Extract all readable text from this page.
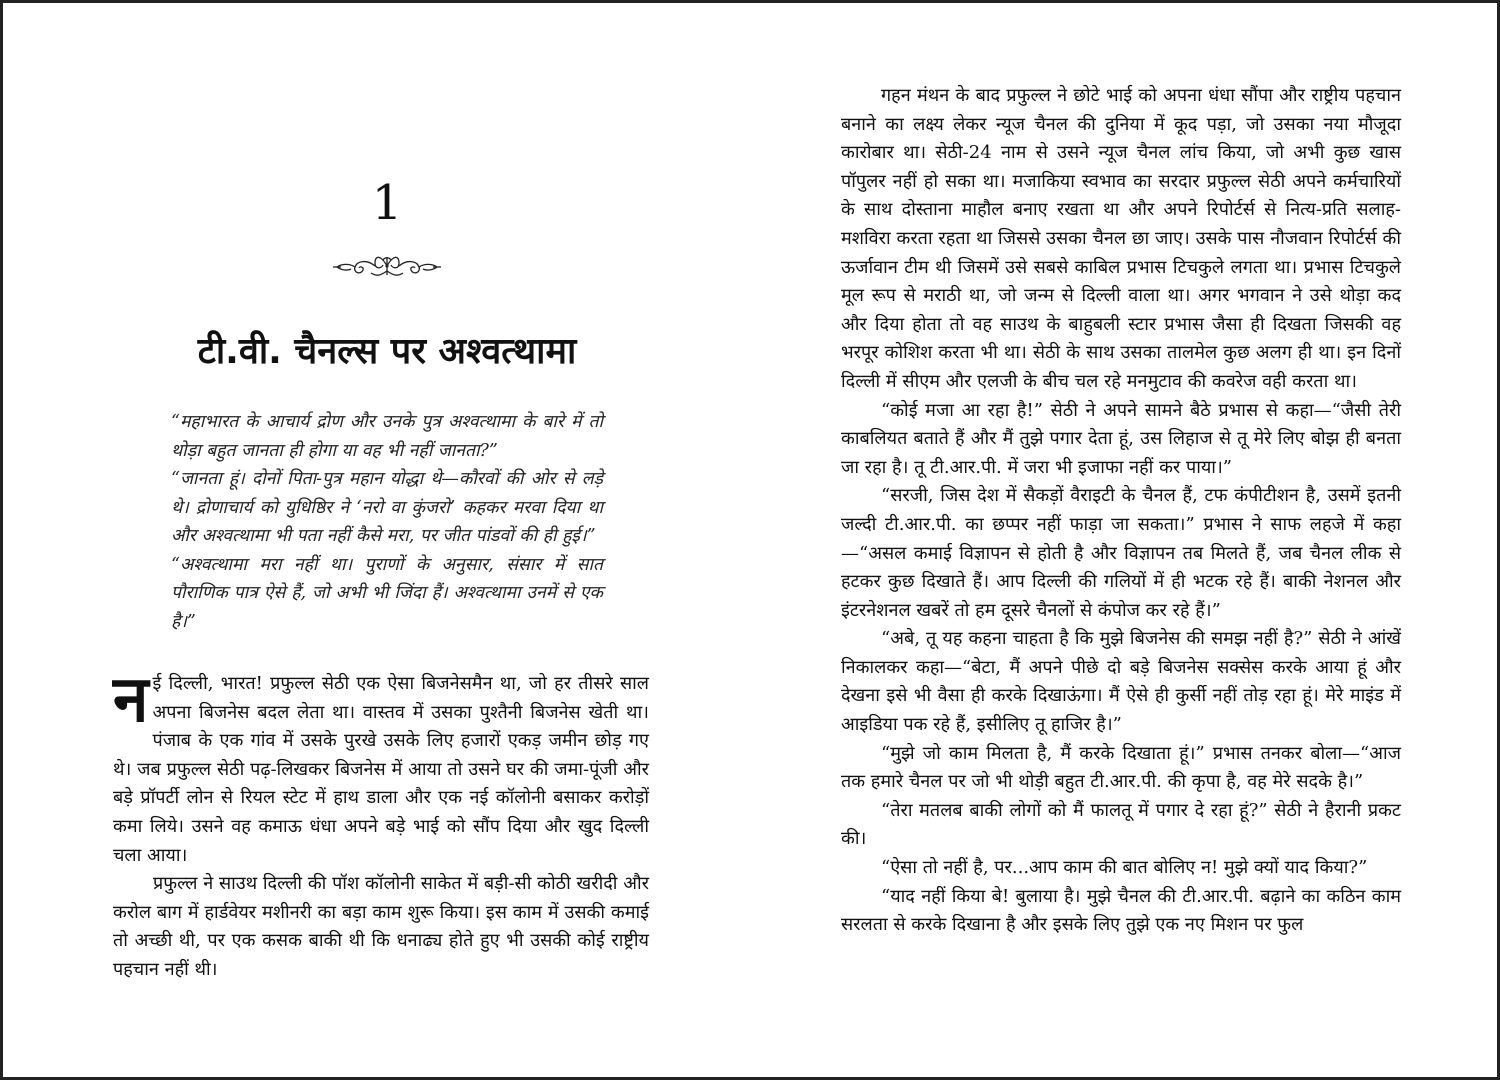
1
टी.वी. चैनल्स पर अश्वत्थामा

“महाभारत के आचार्य द्रोण और उनके पुत्र अश्वत्थामा के बारे में तो थोड़ा बहुत जानता ही होगा या वह भी नहीं जानता?”

“जानता हूं। दोनों पिता-पुत्र महान योद्धा थे—कौरवों की ओर से लड़े थे। द्रोणाचार्य को युधिष्ठिर ने ‘नरो वा कुंजरो’ कहकर मरवा दिया था और अश्वत्थामा भी पता नहीं कैसे मरा, पर जीत पांडवों की ही हुई।”

“अश्वत्थामा मरा नहीं था। पुराणों के अनुसार, संसार में सात पौराणिक पात्र ऐसे हैं, जो अभी भी जिंदा हैं। अश्वत्थामा उनमें से एक है।”

नई दिल्ली, भारत! प्रफुल्ल सेठी एक ऐसा बिजनेसमैन था, जो हर तीसरे साल अपना बिजनेस बदल लेता था। वास्तव में उसका पुश्तैनी बिजनेस खेती था। पंजाब के एक गांव में उसके पुरखे उसके लिए हजारों एकड़ जमीन छोड़ गए थे। जब प्रफुल्ल सेठी पढ़-लिखकर बिजनेस में आया तो उसने घर की जमा-पूंजी और बड़े प्रॉपर्टी लोन से रियल स्टेट में हाथ डाला और एक नई कॉलोनी बसाकर करोड़ों कमा लिये। उसने वह कमाऊ धंधा अपने बड़े भाई को सौंप दिया और खुद दिल्ली चला आया।

प्रफुल्ल ने साउथ दिल्ली की पॉश कॉलोनी साकेत में बड़ी-सी कोठी खरीदी और करोल बाग में हार्डवेयर मशीनरी का बड़ा काम शुरू किया। इस काम में उसकी कमाई तो अच्छी थी, पर एक कसक बाकी थी कि धनाढ्य होते हुए भी उसकी कोई राष्ट्रीय पहचान नहीं थी।

गहन मंथन के बाद प्रफुल्ल ने छोटे भाई को अपना धंधा सौंपा और राष्ट्रीय पहचान बनाने का लक्ष्य लेकर न्यूज चैनल की दुनिया में कूद पड़ा, जो उसका नया मौजूदा कारोबार था। सेठी-24 नाम से उसने न्यूज चैनल लांच किया, जो अभी कुछ खास पॉपुलर नहीं हो सका था। मजाकिया स्वभाव का सरदार प्रफुल्ल सेठी अपने कर्मचारियों के साथ दोस्ताना माहौल बनाए रखता था और अपने रिपोर्टर्स से नित्य-प्रति सलाह-मशविरा करता रहता था जिससे उसका चैनल छा जाए। उसके पास नौजवान रिपोर्टर्स की ऊर्जावान टीम थी जिसमें उसे सबसे काबिल प्रभास टिचकुले लगता था। प्रभास टिचकुले मूल रूप से मराठी था, जो जन्म से दिल्ली वाला था। अगर भगवान ने उसे थोड़ा कद और दिया होता तो वह साउथ के बाहुबली स्टार प्रभास जैसा ही दिखता जिसकी वह भरपूर कोशिश करता भी था। सेठी के साथ उसका तालमेल कुछ अलग ही था। इन दिनों दिल्ली में सीएम और एलजी के बीच चल रहे मनमुटाव की कवरेज वही करता था।

“कोई मजा आ रहा है!” सेठी ने अपने सामने बैठे प्रभास से कहा—“जैसी तेरी काबलियत बताते हैं और मैं तुझे पगार देता हूं, उस लिहाज से तू मेरे लिए बोझ ही बनता जा रहा है। तू टी.आर.पी. में जरा भी इजाफा नहीं कर पाया।”

“सरजी, जिस देश में सैकड़ों वैराइटी के चैनल हैं, टफ कंपीटीशन है, उसमें इतनी जल्दी टी.आर.पी. का छप्पर नहीं फाड़ा जा सकता।” प्रभास ने साफ लहजे में कहा—“असल कमाई विज्ञापन से होती है और विज्ञापन तब मिलते हैं, जब चैनल लीक से हटकर कुछ दिखाते हैं। आप दिल्ली की गलियों में ही भटक रहे हैं। बाकी नेशनल और इंटरनेशनल खबरें तो हम दूसरे चैनलों से कंपोज कर रहे हैं।”

“अबे, तू यह कहना चाहता है कि मुझे बिजनेस की समझ नहीं है?” सेठी ने आंखें निकालकर कहा—“बेटा, मैं अपने पीछे दो बड़े बिजनेस सक्सेस करके आया हूं और देखना इसे भी वैसा ही करके दिखाऊंगा। मैं ऐसे ही कुर्सी नहीं तोड़ रहा हूं। मेरे माइंड में आइडिया पक रहे हैं, इसीलिए तू हाजिर है।”

“मुझे जो काम मिलता है, मैं करके दिखाता हूं।” प्रभास तनकर बोला—“आज तक हमारे चैनल पर जो भी थोड़ी बहुत टी.आर.पी. की कृपा है, वह मेरे सदके है।”

“तेरा मतलब बाकी लोगों को मैं फालतू में पगार दे रहा हूं?” सेठी ने हैरानी प्रकट की।

“ऐसा तो नहीं है, पर...आप काम की बात बोलिए न! मुझे क्यों याद किया?”

“याद नहीं किया बे! बुलाया है। मुझे चैनल की टी.आर.पी. बढ़ाने का कठिन काम सरलता से करके दिखाना है और इसके लिए तुझे एक नए मिशन पर फुल
